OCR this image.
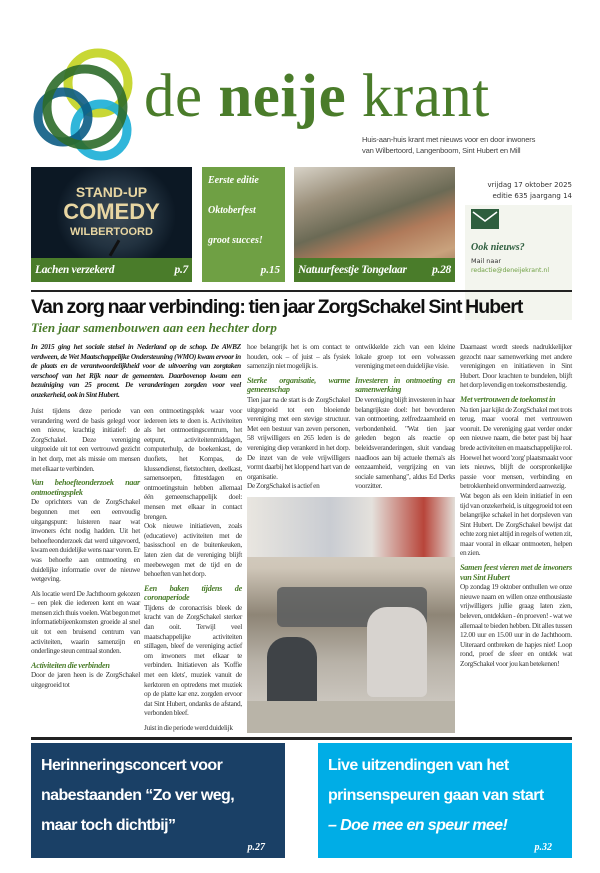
de neije krant
Huis-aan-huis krant met nieuws voor en door inwoners
van Wilbertoord, Langenboom, Sint Hubert en Mill
STAND-UP
COMEDY
WILBERTOORD
Lachen verzekerd	p.7
Eerste editie
Oktoberfest
groot succes!
p.15 Natuurfeestje Tongelaar p.28
vrijdag 17 oktober 2025
editie 635 jaargang 14
Ook nieuws?
Mail naar
redactie@deneijekrant.nl
Van zorg naar verbinding: tien jaar ZorgSchakel Sint Hubert
Tien jaar samenbouwen aan een hechter dorp
In 2015 ging het sociale stelsel in Nederland op de schop. De AWBZ verdween, de Wet Maatschappelijke Ondersteuning (WMO) kwam ervoor in de plaats en de verantwoordelijkheid voor de uitvoering van zorgtaken verschoof van het Rijk naar de gemeenten. Daarbovenop kwam een bezuiniging van 25 procent. De veranderingen zorgden voor veel onzekerheid, ook in Sint Hubert.

Juist tijdens deze periode van verandering werd de basis gelegd voor een nieuw, krachtig initiatief: de ZorgSchakel. Deze vereniging uitgroeide uit tot een vertrouwd gezicht in het dorp, met als missie om mensen met elkaar te verbinden.

Van behoefteonderzoek naar ontmoetingsplek

De oprichters van de ZorgSchakel begonnen met een eenvoudig uitgangspunt: luisteren naar wat inwoners écht nodig hadden. Uit het behoefteonderzoek dat werd uitgevoerd, kwam een duidelijke wens naar voren. Er was behoefte aan ontmoeting en duidelijke informatie over de nieuwe wetgeving.

Als locatie werd De Jachthoorn gekozen – een plek die iedereen kent en waar mensen zich thuis voelen. Wat begon met informatiebijeenkomsten groeide al snel uit tot een bruisend centrum van activiteiten, waarin samenzijn en onderlinge steun centraal stonden.

Activiteiten die verbinden

Door de jaren heen is de ZorgSchakel uitgegroeid tot

een ontmoetingsplek waar voor iedereen iets te doen is. Activiteiten als het ontmoetingscentrum, het eetpunt, activiteitenmiddagen, computerhulp, de boekenkast, de duofiets, het Kompas, de klussendienst, fietstochten, deelkast, samensoepen, fittestdagen en ontmoetingstuin hebben allemaal één gemeenschappelijk doel: mensen met elkaar in contact brengen.

Ook nieuwe initiatieven, zoals (educatieve) activiteiten met de basisschool en de buitenkeuken, laten zien dat de vereniging blijft meebewegen met de tijd en de behoeften van het dorp.

Een baken tijdens de coronaperiode

Tijdens de coronacrisis bleek de kracht van de ZorgSchakel sterker dan ooit. Terwijl veel maatschappelijke activiteiten stillagen, bleef de vereniging actief om inwoners met elkaar te verbinden. Initiatieven als 'Koffie met een klets', muziek vanuit de kerktoren en optredens met muziek op de platte kar enz. zorgden ervoor dat Sint Hubert, ondanks de afstand, verbonden bleef.

Juist in die periode werd duidelijk

hoe belangrijk het is om contact te houden, ook – of juist – als fysiek samenzijn niet mogelijk is.

Sterke organisatie, warme gemeenschap

Tien jaar na de start is de ZorgSchakel uitgegroeid tot een bloeiende vereniging met een stevige structuur. Met een bestuur van zeven personen, 58 vrijwilligers en 265 leden is de vereniging diep verankerd in het dorp. De inzet van de vele vrijwilligers vormt daarbij het kloppend hart van de organisatie.

De ZorgSchakel is actief en

ontwikkelde zich van een kleine lokale groep tot een volwassen vereniging met een duidelijke visie.

Investeren in ontmoeting en samenwerking

De vereniging blijft investeren in haar belangrijkste doel: het bevorderen van ontmoeting, zelfredzaamheid en verbondenheid. "Wat tien jaar geleden begon als reactie op beleidsveranderingen, sluit vandaag naadloos aan bij actuele thema's als eenzaamheid, vergrijzing en van sociale samenhang", aldus Ed Derks voorzitter.

Daarnaast wordt steeds nadrukkelijker gezocht naar samenwerking met andere verenigingen en initiatieven in Sint Hubert. Door krachten te bundelen, blijft het dorp levendig en toekomstbestendig.

Met vertrouwen de toekomst in

Na tien jaar kijkt de ZorgSchakel met trots terug, maar vooral met vertrouwen vooruit. De vereniging gaat verder onder een nieuwe naam, die beter past bij haar brede activiteiten en maatschappelijke rol. Hoewel het woord 'zorg' plaatsmaakt voor iets nieuws, blijft de oorspronkelijke passie voor mensen, verbinding en betrokkenheid onverminderd aanwezig.

Wat begon als een klein initiatief in een tijd van onzekerheid, is uitgegroeid tot een belangrijke schakel in het dorpsleven van Sint Hubert. De ZorgSchakel bewijst dat echte zorg niet altijd in regels of wetten zit, maar vooral in elkaar ontmoeten, helpen en zien.

Samen feest vieren met de inwoners van Sint Hubert

Op zondag 19 oktober onthullen we onze nieuwe naam en willen onze enthousiaste vrijwilligers jullie graag laten zien, beleven, ontdekken - én proeven! - wat we allemaal te bieden hebben. Dit alles tussen 12.00 uur en 15.00 uur in de Jachthoorn. Uiteraard ontbreken de hapjes niet! Loop rond, proef de sfeer en ontdek wat ZorgSchakel voor jou kan betekenen!

Herinneringsconcert voor
nabestaanden “Zo ver weg,
maar toch dichtbij”
p.27
Live uitzendingen van het
prinsenspeuren gaan van start
– Doe mee en speur mee!
p.32
